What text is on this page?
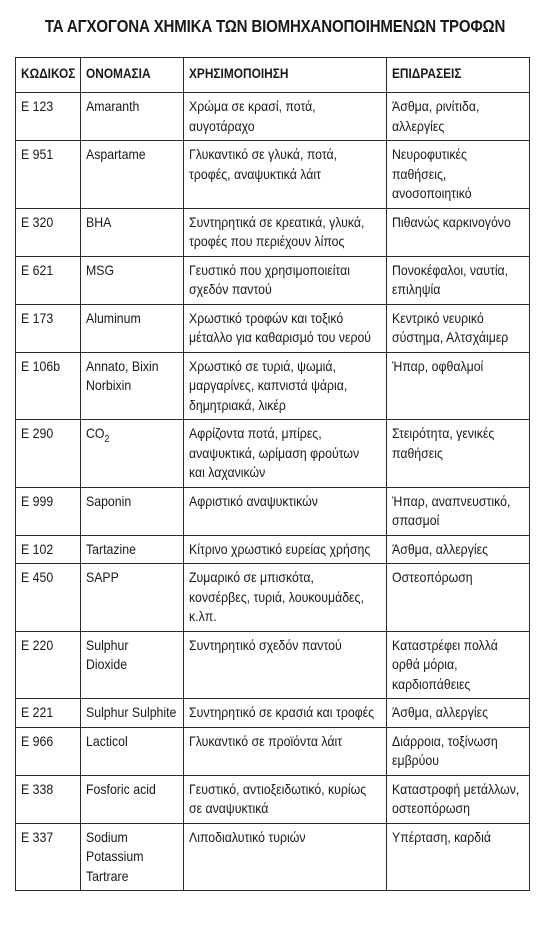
ΤΑ ΑΓΧΟΓΟΝΑ ΧΗΜΙΚΑ ΤΩΝ ΒΙΟΜΗΧΑΝΟΠΟΙΗΜΕΝΩΝ ΤΡΟΦΩΝ
ΚΩΔΙΚΟΣ	ΟΝΟΜΑΣΙΑ	ΧΡΗΣΙΜΟΠΟΙΗΣΗ	ΕΠΙΔΡΑΣΕΙΣ

E 123	Amaranth	Χρώμα σε κρασί, ποτά,
αυγοτάραχο	Άσθμα, ρινίτιδα,
αλλεργίες

E 951	Aspartame	Γλυκαντικό σε γλυκά, ποτά,
τροφές, αναψυκτικά λάιτ	Νευροφυτικές
παθήσεις,
ανοσοποιητικό

E 320	BHA	Συντηρητικά σε κρεατικά, γλυκά,
τροφές που περιέχουν λίπος	Πιθανώς καρκινογόνο

E 621	MSG	Γευστικό που χρησιμοποιείται
σχεδόν παντού	Πονοκέφαλοι, ναυτία,
επιληψία

E 173	Aluminum	Χρωστικό τροφών και τοξικό
μέταλλο για καθαρισμό του νερού	Κεντρικό νευρικό
σύστημα, Αλτσχάιμερ

E 106b	Annato, Bixin
Norbixin	Χρωστικό σε τυριά, ψωμιά,
μαργαρίνες, καπνιστά ψάρια,
δημητριακά, λικέρ	Ήπαρ, οφθαλμοί

E 290	$CO_2$	Αφρίζοντα ποτά, μπίρες,
αναψυκτικά, ωρίμαση φρούτων
και λαχανικών	Στειρότητα, γενικές
παθήσεις

E 999	Saponin	Αφριστικό αναψυκτικών	Ήπαρ, αναπνευστικό,
σπασμοί

E 102	Tartazine	Κίτρινο χρωστικό ευρείας χρήσης	Άσθμα, αλλεργίες

E 450	SAPP	Ζυμαρικό σε μπισκότα,
κονσέρβες, τυριά, λουκουμάδες,
κ.λπ.	Οστεοπόρωση

E 220	Sulphur
Dioxide	Συντηρητικό σχεδόν παντού	Καταστρέφει πολλά
ορθά μόρια,
καρδιοπάθειες

E 221	Sulphur Sulphite	Συντηρητικό σε κρασιά και τροφές	Άσθμα, αλλεργίες

E 966	Lacticol	Γλυκαντικό σε προϊόντα λάιτ	Διάρροια, τοξίνωση
εμβρύου

E 338	Fosforic acid	Γευστικό, αντιοξειδωτικό, κυρίως
σε αναψυκτικά	Καταστροφή μετάλλων,
οστεοπόρωση

E 337	Sodium
Potassium
Tartrare	Λιποδιαλυτικό τυριών	Υπέρταση, καρδιά
